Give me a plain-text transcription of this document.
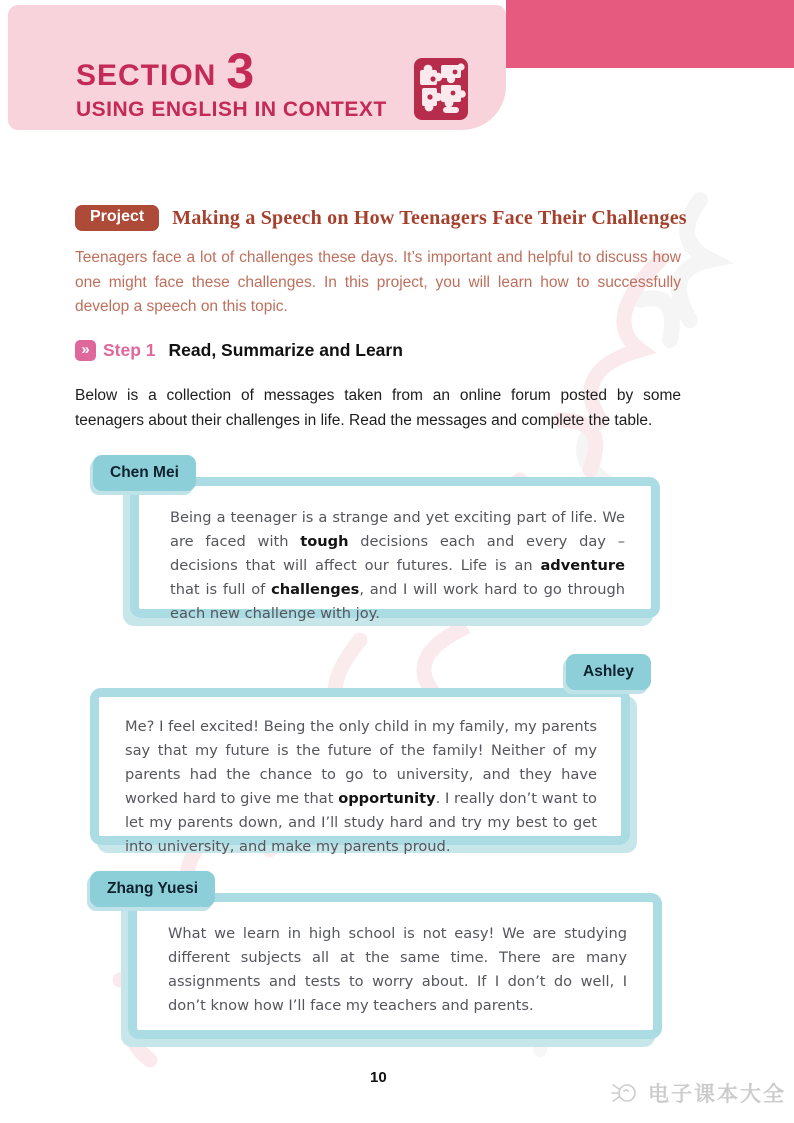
SECTION 3
USING ENGLISH IN CONTEXT
Project	Making a Speech on How Teenagers Face Their Challenges

Teenagers face a lot of challenges these days. It’s important and helpful to discuss how one might face these challenges. In this project, you will learn how to successfully develop a speech on this topic.

» Step 1 Read, Summarize and Learn

Below is a collection of messages taken from an online forum posted by some teenagers about their challenges in life. Read the messages and complete the table.

Chen Mei

Being a teenager is a strange and yet exciting part of life. We are faced with tough decisions each and every day – decisions that will affect our futures. Life is an adventure that is full of challenges, and I will work hard to go through each new challenge with joy.

Ashley

Me? I feel excited! Being the only child in my family, my parents say that my future is the future of the family! Neither of my parents had the chance to go to university, and they have worked hard to give me that opportunity. I really don’t want to let my parents down, and I’ll study hard and try my best to get into university, and make my parents proud.

Zhang Yuesi

What we learn in high school is not easy! We are studying different subjects all at the same time. There are many assignments and tests to worry about. If I don’t do well, I don’t know how I’ll face my teachers and parents.

10
电子课本大全
